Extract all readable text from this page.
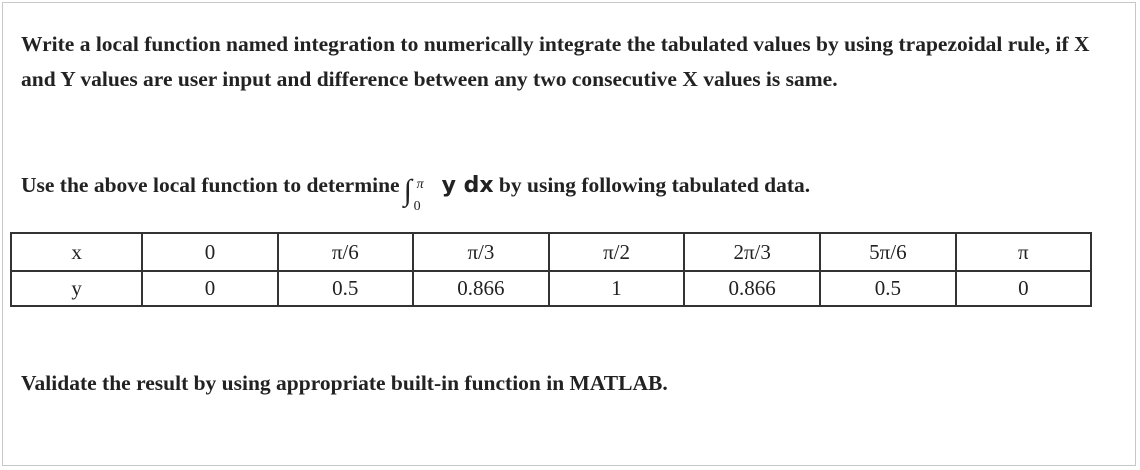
Write a local function named integration to numerically integrate the tabulated values by using trapezoidal rule, if X and Y values are user input and difference between any two consecutive X values is same.

Use the above local function to determine ∫ π
0
y dx by using following tabulated data.

x	0	π/6	π/3	π/2	2π/3	5π/6	π
y	0	0.5	0.866	1	0.866	0.5	0

Validate the result by using appropriate built-in function in MATLAB.
